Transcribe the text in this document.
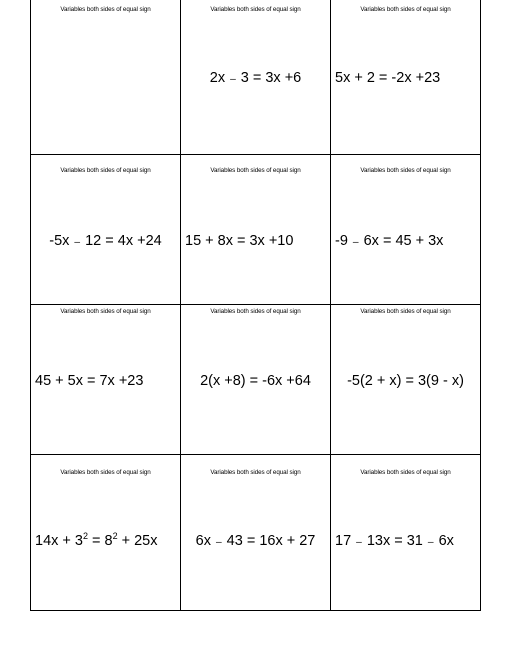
Variables both sides of equal sign	Variables both sides of equal sign
2x ₋ 3 = 3x +6
Variables both sides of equal sign
5x + 2 = -2x +23
Variables both sides of equal sign
-5x ₋ 12 = 4x +24
Variables both sides of equal sign
15 + 8x = 3x +10
Variables both sides of equal sign
-9 ₋ 6x = 45 + 3x
Variables both sides of equal sign
45 + 5x = 7x +23
Variables both sides of equal sign
2(x +8) = -6x +64
Variables both sides of equal sign
-5(2 + x) = 3(9 - x)
Variables both sides of equal sign
$14x + 3^2 = 8^2 + 25x$
Variables both sides of equal sign
6x ₋ 43 = 16x + 27
Variables both sides of equal sign
17 ₋ 13x = 31 ₋ 6x
